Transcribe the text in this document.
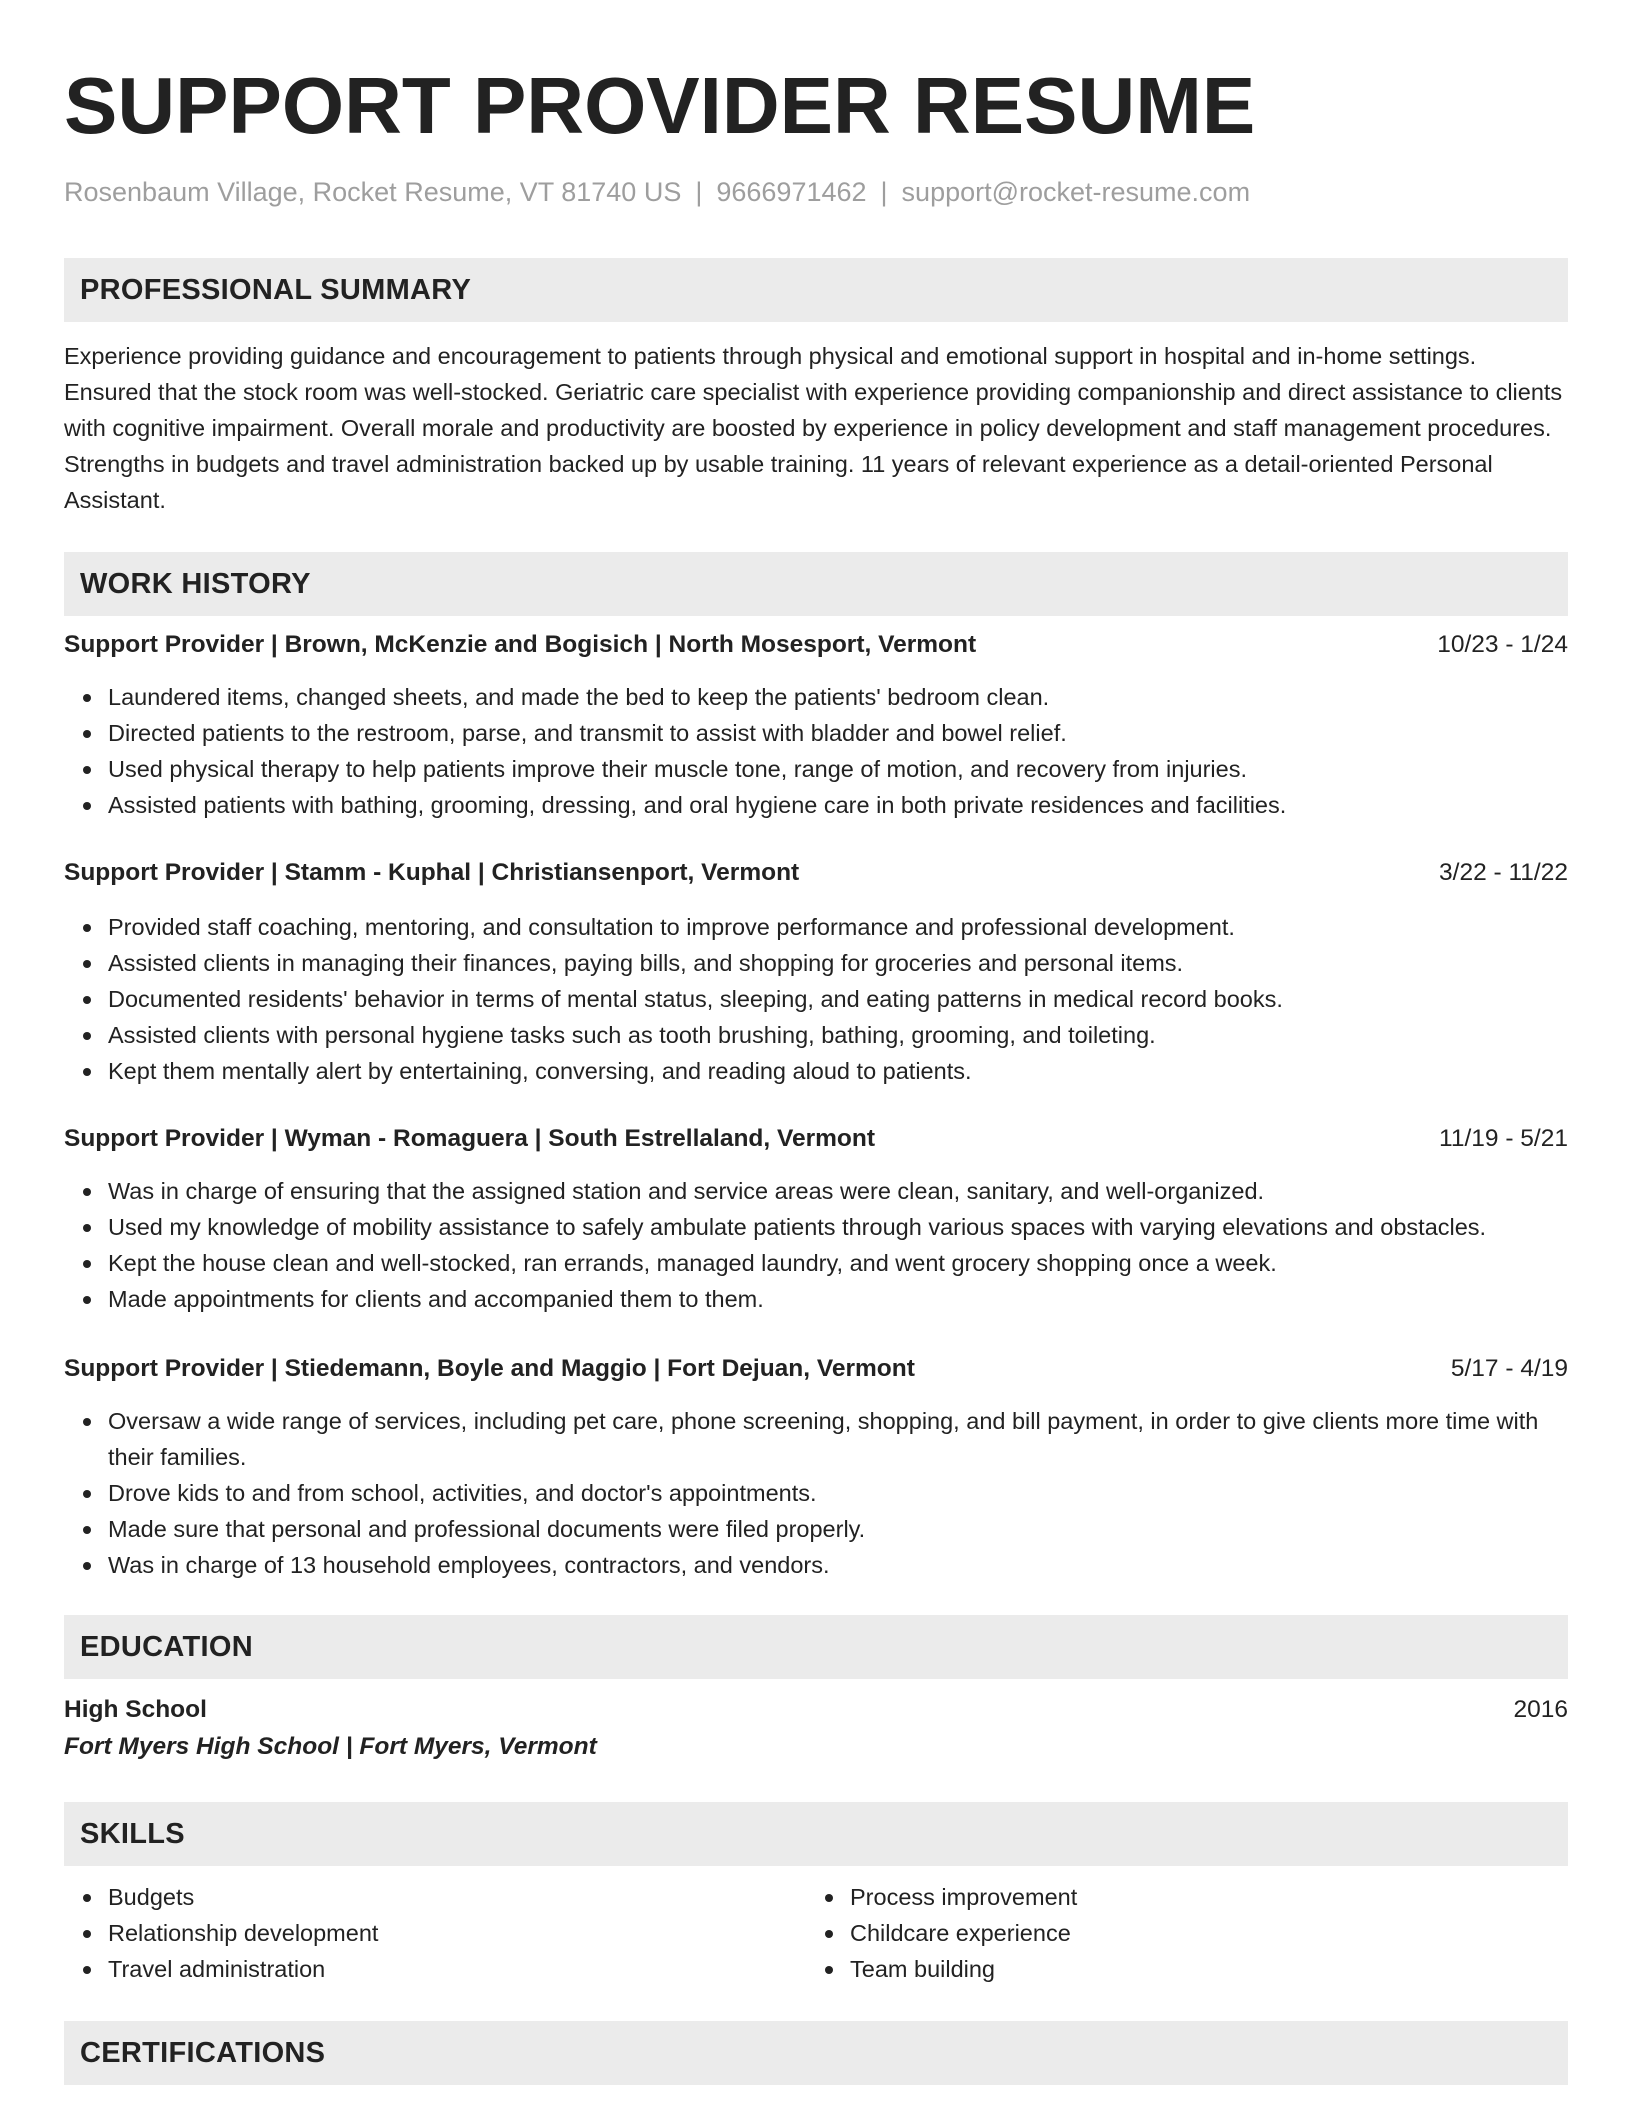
SUPPORT PROVIDER RESUME
Rosenbaum Village, Rocket Resume, VT 81740 US | 9666971462 | support@rocket-resume.com
PROFESSIONAL SUMMARY

Experience providing guidance and encouragement to patients through physical and emotional support in hospital and in-home settings. Ensured that the stock room was well-stocked. Geriatric care specialist with experience providing companionship and direct assistance to clients with cognitive impairment. Overall morale and productivity are boosted by experience in policy development and staff management procedures. Strengths in budgets and travel administration backed up by usable training. 11 years of relevant experience as a detail-oriented Personal Assistant.

WORK HISTORY
Support Provider | Brown, McKenzie and Bogisich | North Mosesport, Vermont	10/23 - 1/24
Laundered items, changed sheets, and made the bed to keep the patients' bedroom clean.
Directed patients to the restroom, parse, and transmit to assist with bladder and bowel relief.
Used physical therapy to help patients improve their muscle tone, range of motion, and recovery from injuries.
Assisted patients with bathing, grooming, dressing, and oral hygiene care in both private residences and facilities.
Support Provider | Stamm - Kuphal | Christiansenport, Vermont	3/22 - 11/22
Provided staff coaching, mentoring, and consultation to improve performance and professional development.
Assisted clients in managing their finances, paying bills, and shopping for groceries and personal items.
Documented residents' behavior in terms of mental status, sleeping, and eating patterns in medical record books.
Assisted clients with personal hygiene tasks such as tooth brushing, bathing, grooming, and toileting.
Kept them mentally alert by entertaining, conversing, and reading aloud to patients.
Support Provider | Wyman - Romaguera | South Estrellaland, Vermont	11/19 - 5/21
Was in charge of ensuring that the assigned station and service areas were clean, sanitary, and well-organized.
Used my knowledge of mobility assistance to safely ambulate patients through various spaces with varying elevations and obstacles.
Kept the house clean and well-stocked, ran errands, managed laundry, and went grocery shopping once a week.
Made appointments for clients and accompanied them to them.
Support Provider | Stiedemann, Boyle and Maggio | Fort Dejuan, Vermont	5/17 - 4/19
Oversaw a wide range of services, including pet care, phone screening, shopping, and bill payment, in order to give clients more time with their families.
Drove kids to and from school, activities, and doctor's appointments.
Made sure that personal and professional documents were filed properly.
Was in charge of 13 household employees, contractors, and vendors.
EDUCATION
High School	2016
Fort Myers High School | Fort Myers, Vermont
SKILLS
Budgets
Relationship development
Travel administration
Process improvement
Childcare experience
Team building
CERTIFICATIONS
